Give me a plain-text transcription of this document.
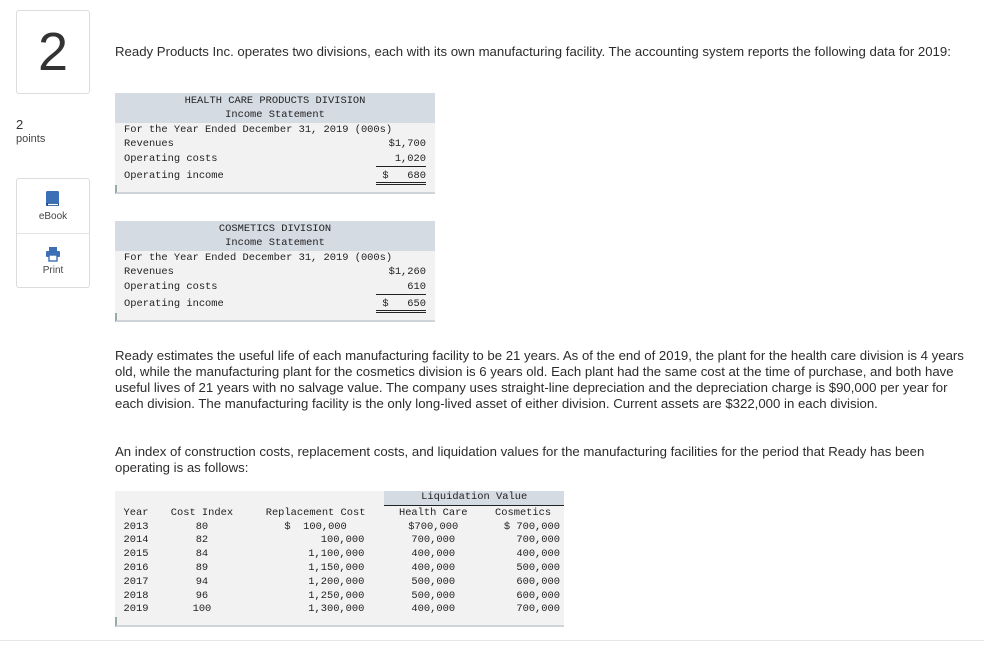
2
2
points
eBook
Print
Ready Products Inc. operates two divisions, each with its own manufacturing facility. The accounting system reports the following data for 2019:
HEALTH CARE PRODUCTS DIVISION
Income Statement
For the Year Ended December 31, 2019 (000s)
Revenues	$1,700
Operating costs	1,020
Operating income	$   680
COSMETICS DIVISION
Income Statement
For the Year Ended December 31, 2019 (000s)
Revenues	$1,260
Operating costs	610
Operating income	$   650
Ready estimates the useful life of each manufacturing facility to be 21 years. As of the end of 2019, the plant for the health care division is 4 years old, while the manufacturing plant for the cosmetics division is 6 years old. Each plant had the same cost at the time of purchase, and both have useful lives of 21 years with no salvage value. The company uses straight-line depreciation and the depreciation charge is $90,000 per year for each division. The manufacturing facility is the only long-lived asset of either division. Current assets are $322,000 in each division.
An index of construction costs, replacement costs, and liquidation values for the manufacturing facilities for the period that Ready has been operating is as follows:
			Liquidation Value	
Year	Cost Index	Replacement Cost	Health Care	Cosmetics
2013	80	$  100,000	$700,000	$ 700,000
2014	82	100,000	700,000	700,000
2015	84	1,100,000	400,000	400,000
2016	89	1,150,000	400,000	500,000
2017	94	1,200,000	500,000	600,000
2018	96	1,250,000	500,000	600,000
2019	100	1,300,000	400,000	700,000
